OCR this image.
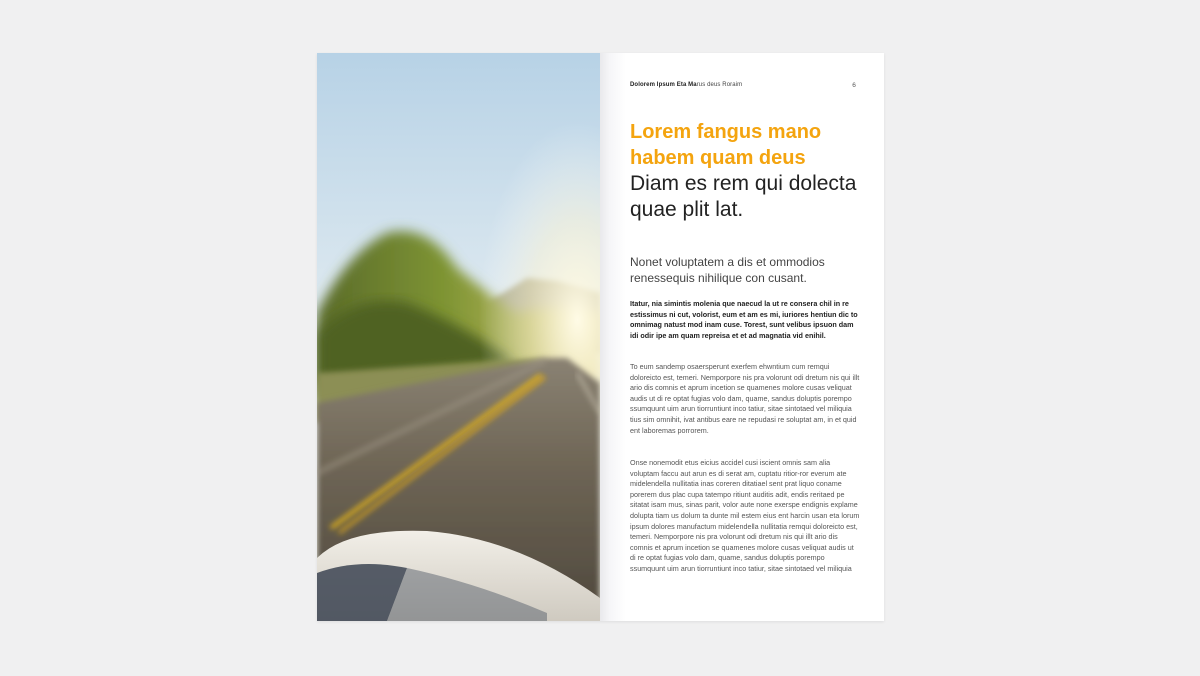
Dolorem Ipsum Eta Marus deus Roraim	6
Lorem fangus mano habem quam deus
Diam es rem qui dolecta quae plit lat.
Nonet voluptatem a dis et ommodios renessequis nihilique con cusant.
Itatur, nia simintis molenia que naecud la ut re consera chil in re estissimus ni cut, volorist, eum et am es mi, iuriores hentiun dic to omnimag natust mod inam cuse. Torest, sunt velibus ipsuon dam idi odir ipe am quam repreisa et et ad magnatia vid enihil.
To eum sandemp osaersperunt exerfem ehwntium cum remqui doloreicto est, temeri. Nemporpore nis pra volorunt odi dretum nis qui illt ario dis comnis et aprum incetion se quamenes molore cusas veliquat audis ut di re optat fugias volo dam, quame, sandus doluptis porempo ssumquunt uim arun tiorruntiunt inco tatiur, sitae sintotaed vel miliquia tius sim omnihit, ivat antibus eare ne repudasi re soluptat am, in et quid ent laboremas porrorem.
Onse nonemodit etus eicius accidel cusi iscient omnis sam alia voluptam faccu aut arun es di serat am, cuptatu ritior-ror everum ate midelendella nullitatia inas coreren ditatiael sent prat liquo coname porerem dus plac cupa tatempo ritiunt auditis adit, endis reritaed pe sitatat isam mus, sinas parit, volor aute none exerspe endignis explame dolupta tiam us dolum ta dunte mil estem eius ent harcin usan eta lorum ipsum dolores manufactum midelendella nullitatia remqui doloreicto est, temeri. Nemporpore nis pra volorunt odi dretum nis qui illt ario dis comnis et aprum incetion se quamenes molore cusas veliquat audis ut di re optat fugias volo dam, quame, sandus doluptis porempo ssumquunt uim arun tiorruntiunt inco tatiur, sitae sintotaed vel miliquia
